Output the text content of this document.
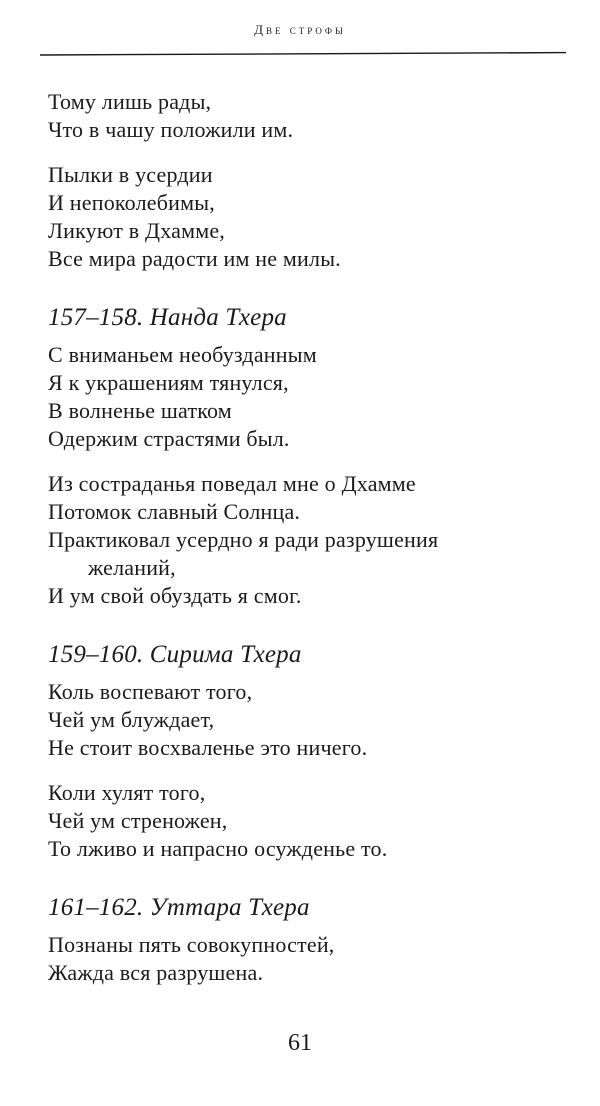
Две строфы
Тому лишь рады,
Что в чашу положили им.
Пылки в усердии
И непоколебимы,
Ликуют в Дхамме,
Все мира радости им не милы.
157–158. Нанда Тхера
С вниманьем необузданным
Я к украшениям тянулся,
В волненье шатком
Одержим страстями был.
Из состраданья поведал мне о Дхамме
Потомок славный Солнца.
Практиковал усердно я ради разрушения
желаний,
И ум свой обуздать я смог.
159–160. Сирима Тхера
Коль воспевают того,
Чей ум блуждает,
Не стоит восхваленье это ничего.
Коли хулят того,
Чей ум стреножен,
То лживо и напрасно осужденье то.
161–162. Уттара Тхера
Познаны пять совокупностей,
Жажда вся разрушена.
61
